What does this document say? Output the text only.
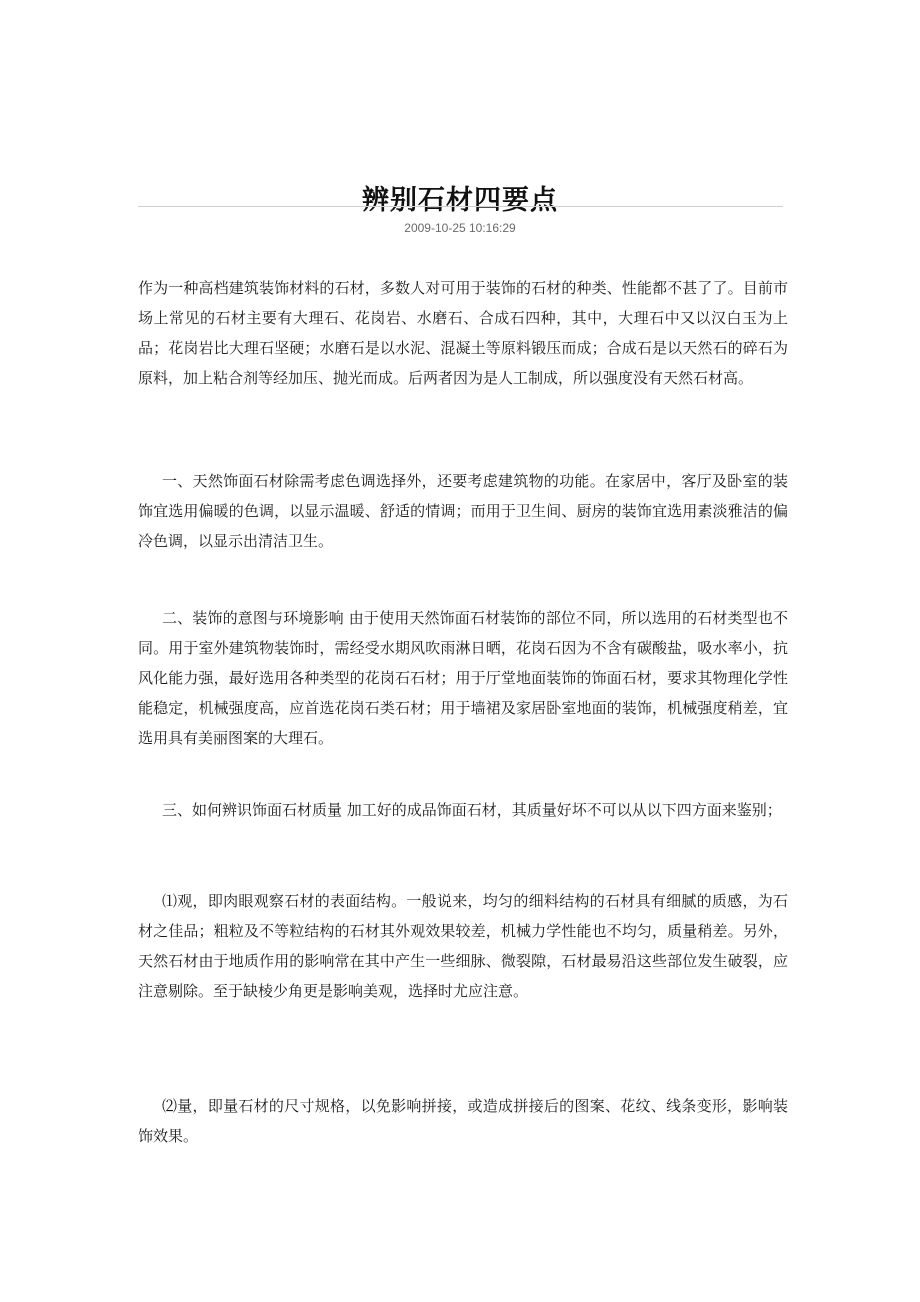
辨别石材四要点
2009-10-25 10:16:29

作为一种高档建筑装饰材料的石材，多数人对可用于装饰的石材的种类、性能都不甚了了。目前市场上常见的石材主要有大理石、花岗岩、水磨石、合成石四种，其中，大理石中又以汉白玉为上品；花岗岩比大理石坚硬；水磨石是以水泥、混凝土等原料锻压而成；合成石是以天然石的碎石为原料，加上粘合剂等经加压、抛光而成。后两者因为是人工制成，所以强度没有天然石材高。

一、天然饰面石材除需考虑色调选择外，还要考虑建筑物的功能。在家居中，客厅及卧室的装饰宜选用偏暖的色调，以显示温暖、舒适的情调；而用于卫生间、厨房的装饰宜选用素淡雅洁的偏冷色调，以显示出清洁卫生。

二、装饰的意图与环境影响 由于使用天然饰面石材装饰的部位不同，所以选用的石材类型也不同。用于室外建筑物装饰时，需经受水期风吹雨淋日晒，花岗石因为不含有碳酸盐，吸水率小，抗风化能力强，最好选用各种类型的花岗石石材；用于厅堂地面装饰的饰面石材，要求其物理化学性能稳定，机械强度高，应首选花岗石类石材；用于墙裙及家居卧室地面的装饰，机械强度稍差，宜选用具有美丽图案的大理石。

三、如何辨识饰面石材质量 加工好的成品饰面石材，其质量好坏不可以从以下四方面来鉴别；

⑴观，即肉眼观察石材的表面结构。一般说来，均匀的细料结构的石材具有细腻的质感，为石材之佳品；粗粒及不等粒结构的石材其外观效果较差，机械力学性能也不均匀，质量稍差。另外，天然石材由于地质作用的影响常在其中产生一些细脉、微裂隙，石材最易沿这些部位发生破裂，应注意剔除。至于缺棱少角更是影响美观，选择时尤应注意。

⑵量，即量石材的尺寸规格，以免影响拼接，或造成拼接后的图案、花纹、线条变形，影响装饰效果。
